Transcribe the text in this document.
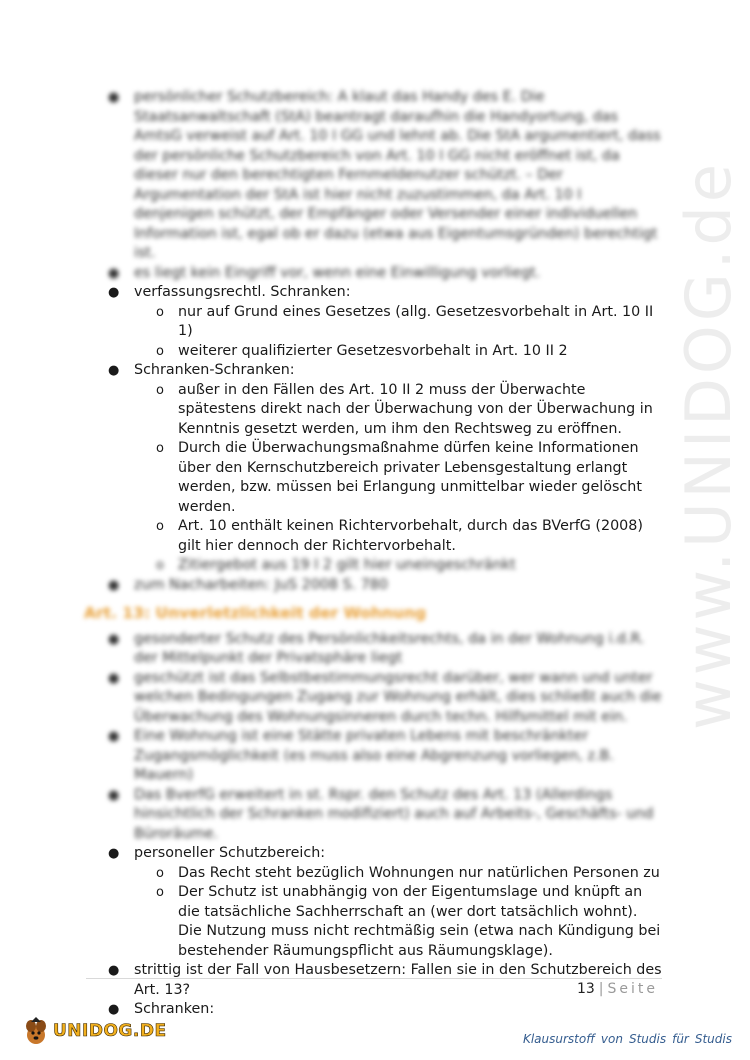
www.UNIDOG.de
● persönlicher Schutzbereich: A klaut das Handy des E. Die Staatsanwaltschaft (StA) beantragt daraufhin die Handyortung, das AmtsG verweist auf Art. 10 I GG und lehnt ab. Die StA argumentiert, dass der persönliche Schutzbereich von Art. 10 I GG nicht eröffnet ist, da dieser nur den berechtigten Fernmeldenutzer schützt. – Der Argumentation der StA ist hier nicht zuzustimmen, da Art. 10 I denjenigen schützt, der Empfänger oder Versender einer individuellen Information ist, egal ob er dazu (etwa aus Eigentumsgründen) berechtigt ist.
● es liegt kein Eingriff vor, wenn eine Einwilligung vorliegt.
● verfassungsrechtl. Schranken:
o nur auf Grund eines Gesetzes (allg. Gesetzesvorbehalt in Art. 10 II 1)
o weiterer qualifizierter Gesetzesvorbehalt in Art. 10 II 2
● Schranken-Schranken:
o außer in den Fällen des Art. 10 II 2 muss der Überwachte spätestens direkt nach der Überwachung von der Überwachung in Kenntnis gesetzt werden, um ihm den Rechtsweg zu eröffnen.
o Durch die Überwachungsmaßnahme dürfen keine Informationen über den Kernschutzbereich privater Lebensgestaltung erlangt werden, bzw. müssen bei Erlangung unmittelbar wieder gelöscht werden.
o Art. 10 enthält keinen Richtervorbehalt, durch das BVerfG (2008) gilt hier dennoch der Richtervorbehalt.
o Zitiergebot aus 19 I 2 gilt hier uneingeschränkt
● zum Nacharbeiten: JuS 2008 S. 780
Art. 13: Unverletzlichkeit der Wohnung
● gesonderter Schutz des Persönlichkeitsrechts, da in der Wohnung i.d.R. der Mittelpunkt der Privatsphäre liegt
● geschützt ist das Selbstbestimmungsrecht darüber, wer wann und unter welchen Bedingungen Zugang zur Wohnung erhält, dies schließt auch die Überwachung des Wohnungsinneren durch techn. Hilfsmittel mit ein.
● Eine Wohnung ist eine Stätte privaten Lebens mit beschränkter Zugangsmöglichkeit (es muss also eine Abgrenzung vorliegen, z.B. Mauern)
● Das BverfG erweitert in st. Rspr. den Schutz des Art. 13 (Allerdings hinsichtlich der Schranken modifiziert) auch auf Arbeits-, Geschäfts- und Büroräume.
● personeller Schutzbereich:
o Das Recht steht bezüglich Wohnungen nur natürlichen Personen zu
o Der Schutz ist unabhängig von der Eigentumslage und knüpft an die tatsächliche Sachherrschaft an (wer dort tatsächlich wohnt). Die Nutzung muss nicht rechtmäßig sein (etwa nach Kündigung bei bestehender Räumungspflicht aus Räumungsklage).
● strittig ist der Fall von Hausbesetzern: Fallen sie in den Schutzbereich des Art. 13?
● Schranken:
13 | Seite
UNIDOG.DE	Klausurstoff von Studis für Studis
